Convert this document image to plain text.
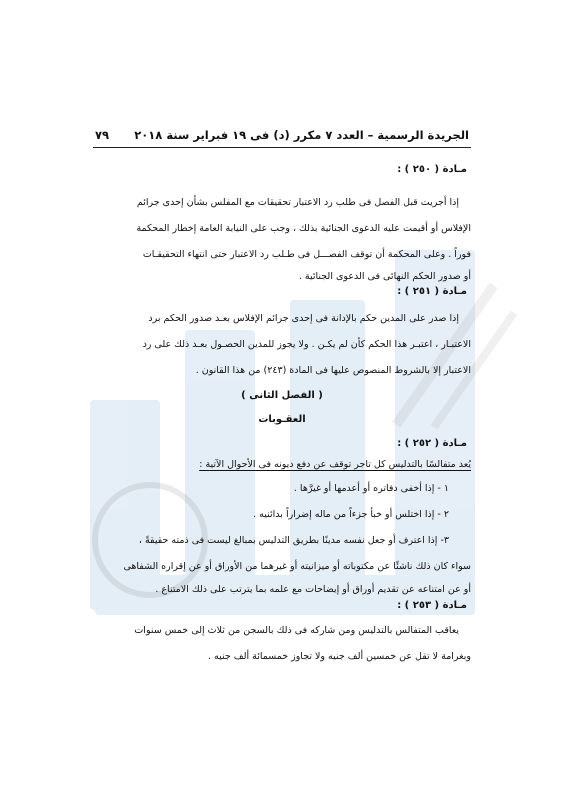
الجريدة الرسمية – العدد ٧ مكرر (د) فى ١٩ فبراير سنة ٢٠١٨
٧٩
مـادة ( ٢٥٠ ) :

إذا أجريت قبل الفصل فى طلب رد الاعتبار تحقيقات مع المفلس بشأن إحدى جرائم

الإفلاس أو أقيمت عليه الدعوى الجنائية بذلك ، وجب على النيابة العامة إخطار المحكمة

فوراً . وعلى المحكمة أن توقف الفصـــل فى طـلب رد الاعتبار حتى انتهاء التحقيقـات

أو صدور الحكم النهائى فى الدعوى الجنائية .

مـادة ( ٢٥١ ) :

إذا صدر على المدين حكم بالإدانة فى إحدى جرائم الإفلاس بعـد صدور الحكم برد

الاعتبـار ، اعتبـر هذا الحكم كأن لم يكـن . ولا يجوز للمدين الحصـول بعـد ذلك على رد

الاعتبار إلا بالشروط المنصوص عليها فى المادة (٢٤٣) من هذا القانون .

( الفصل الثانى )
العقـوبات
مـادة ( ٢٥٢ ) :

يُعد متفالسًا بالتدليس كل تاجر توقف عن دفع ديونه فى الأحوال الآتية :

١ - إذا أخفى دفاتره أو أعدمها أو غيرَّها .
٢ - إذا اختلس أو خبأ جزءاً من ماله إضراراً بدائنيه .
٣- إذا اعترف أو جعل نفسه مدينًا بطريق التدليس بمبالغ ليست فى ذمته حقيقةً ،

سواء كان ذلك ناشئًا عن مكتوباته أو ميزانيته أو غيرهما من الأوراق أو عن إقراره الشفاهى

أو عن امتناعه عن تقديم أوراق أو إيضاحات مع علمه بما يترتب على ذلك الامتناع .

مـادة ( ٢٥٣ ) :

يعاقب المتفالس بالتدليس ومن شاركه فى ذلك بالسجن من ثلاث إلى خمس سنوات

وبغرامة لا تقل عن خمسين ألف جنيه ولا تجاوز خمسمائة ألف جنيه .
